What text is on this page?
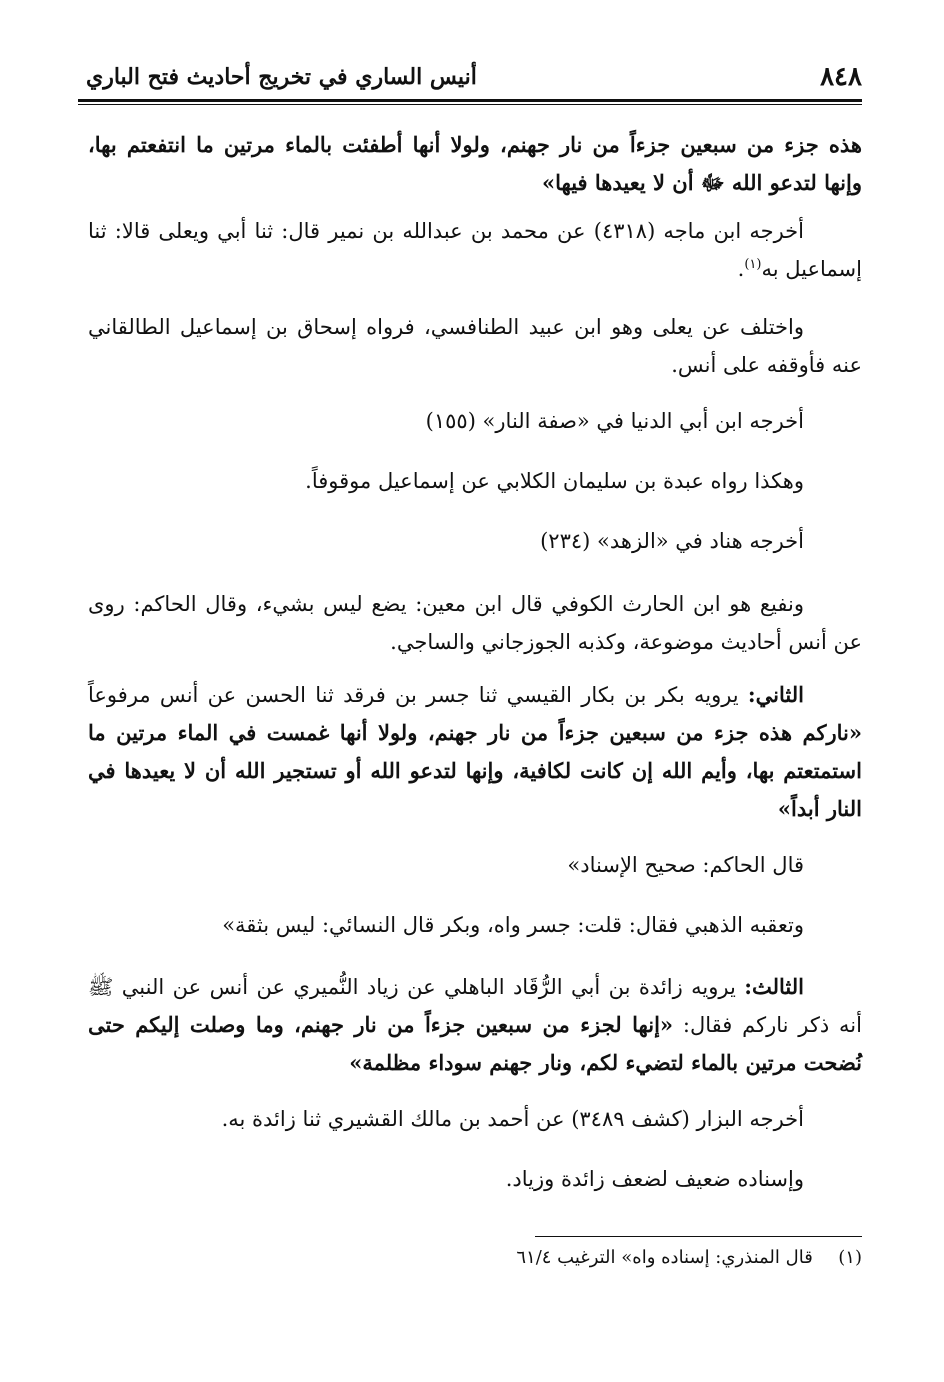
٨٤٨
أنيس الساري في تخريج أحاديث فتح الباري
هذه جزء من سبعين جزءاً من نار جهنم، ولولا أنها أطفئت بالماء مرتين ما انتفعتم بها، وإنها لتدعو الله ﷻ أن لا يعيدها فيها»
أخرجه ابن ماجه (٤٣١٨) عن محمد بن عبدالله بن نمير قال: ثنا أبي ويعلى قالا: ثنا إسماعيل به$^{(١)}$.
واختلف عن يعلى وهو ابن عبيد الطنافسي، فرواه إسحاق بن إسماعيل الطالقاني عنه فأوقفه على أنس.
أخرجه ابن أبي الدنيا في «صفة النار» (١٥٥)
وهكذا رواه عبدة بن سليمان الكلابي عن إسماعيل موقوفاً.
أخرجه هناد في «الزهد» (٢٣٤)
ونفيع هو ابن الحارث الكوفي قال ابن معين: يضع ليس بشيء، وقال الحاكم: روى عن أنس أحاديث موضوعة، وكذبه الجوزجاني والساجي.
الثاني: يرويه بكر بن بكار القيسي ثنا جسر بن فرقد ثنا الحسن عن أنس مرفوعاً «ناركم هذه جزء من سبعين جزءاً من نار جهنم، ولولا أنها غمست في الماء مرتين ما استمتعتم بها، وأيم الله إن كانت لكافية، وإنها لتدعو الله أو تستجير الله أن لا يعيدها في النار أبداً»
قال الحاكم: صحيح الإسناد»
وتعقبه الذهبي فقال: قلت: جسر واه، وبكر قال النسائي: ليس بثقة»
الثالث: يرويه زائدة بن أبي الرُّقَاد الباهلي عن زياد النُّميري عن أنس عن النبي ﷺ أنه ذكر ناركم فقال: «إنها لجزء من سبعين جزءاً من نار جهنم، وما وصلت إليكم حتى نُضحت مرتين بالماء لتضيء لكم، ونار جهنم سوداء مظلمة»
أخرجه البزار (كشف ٣٤٨٩) عن أحمد بن مالك القشيري ثنا زائدة به.
وإسناده ضعيف لضعف زائدة وزياد.
(١)  قال المنذري: إسناده واه» الترغيب ٦١/٤
